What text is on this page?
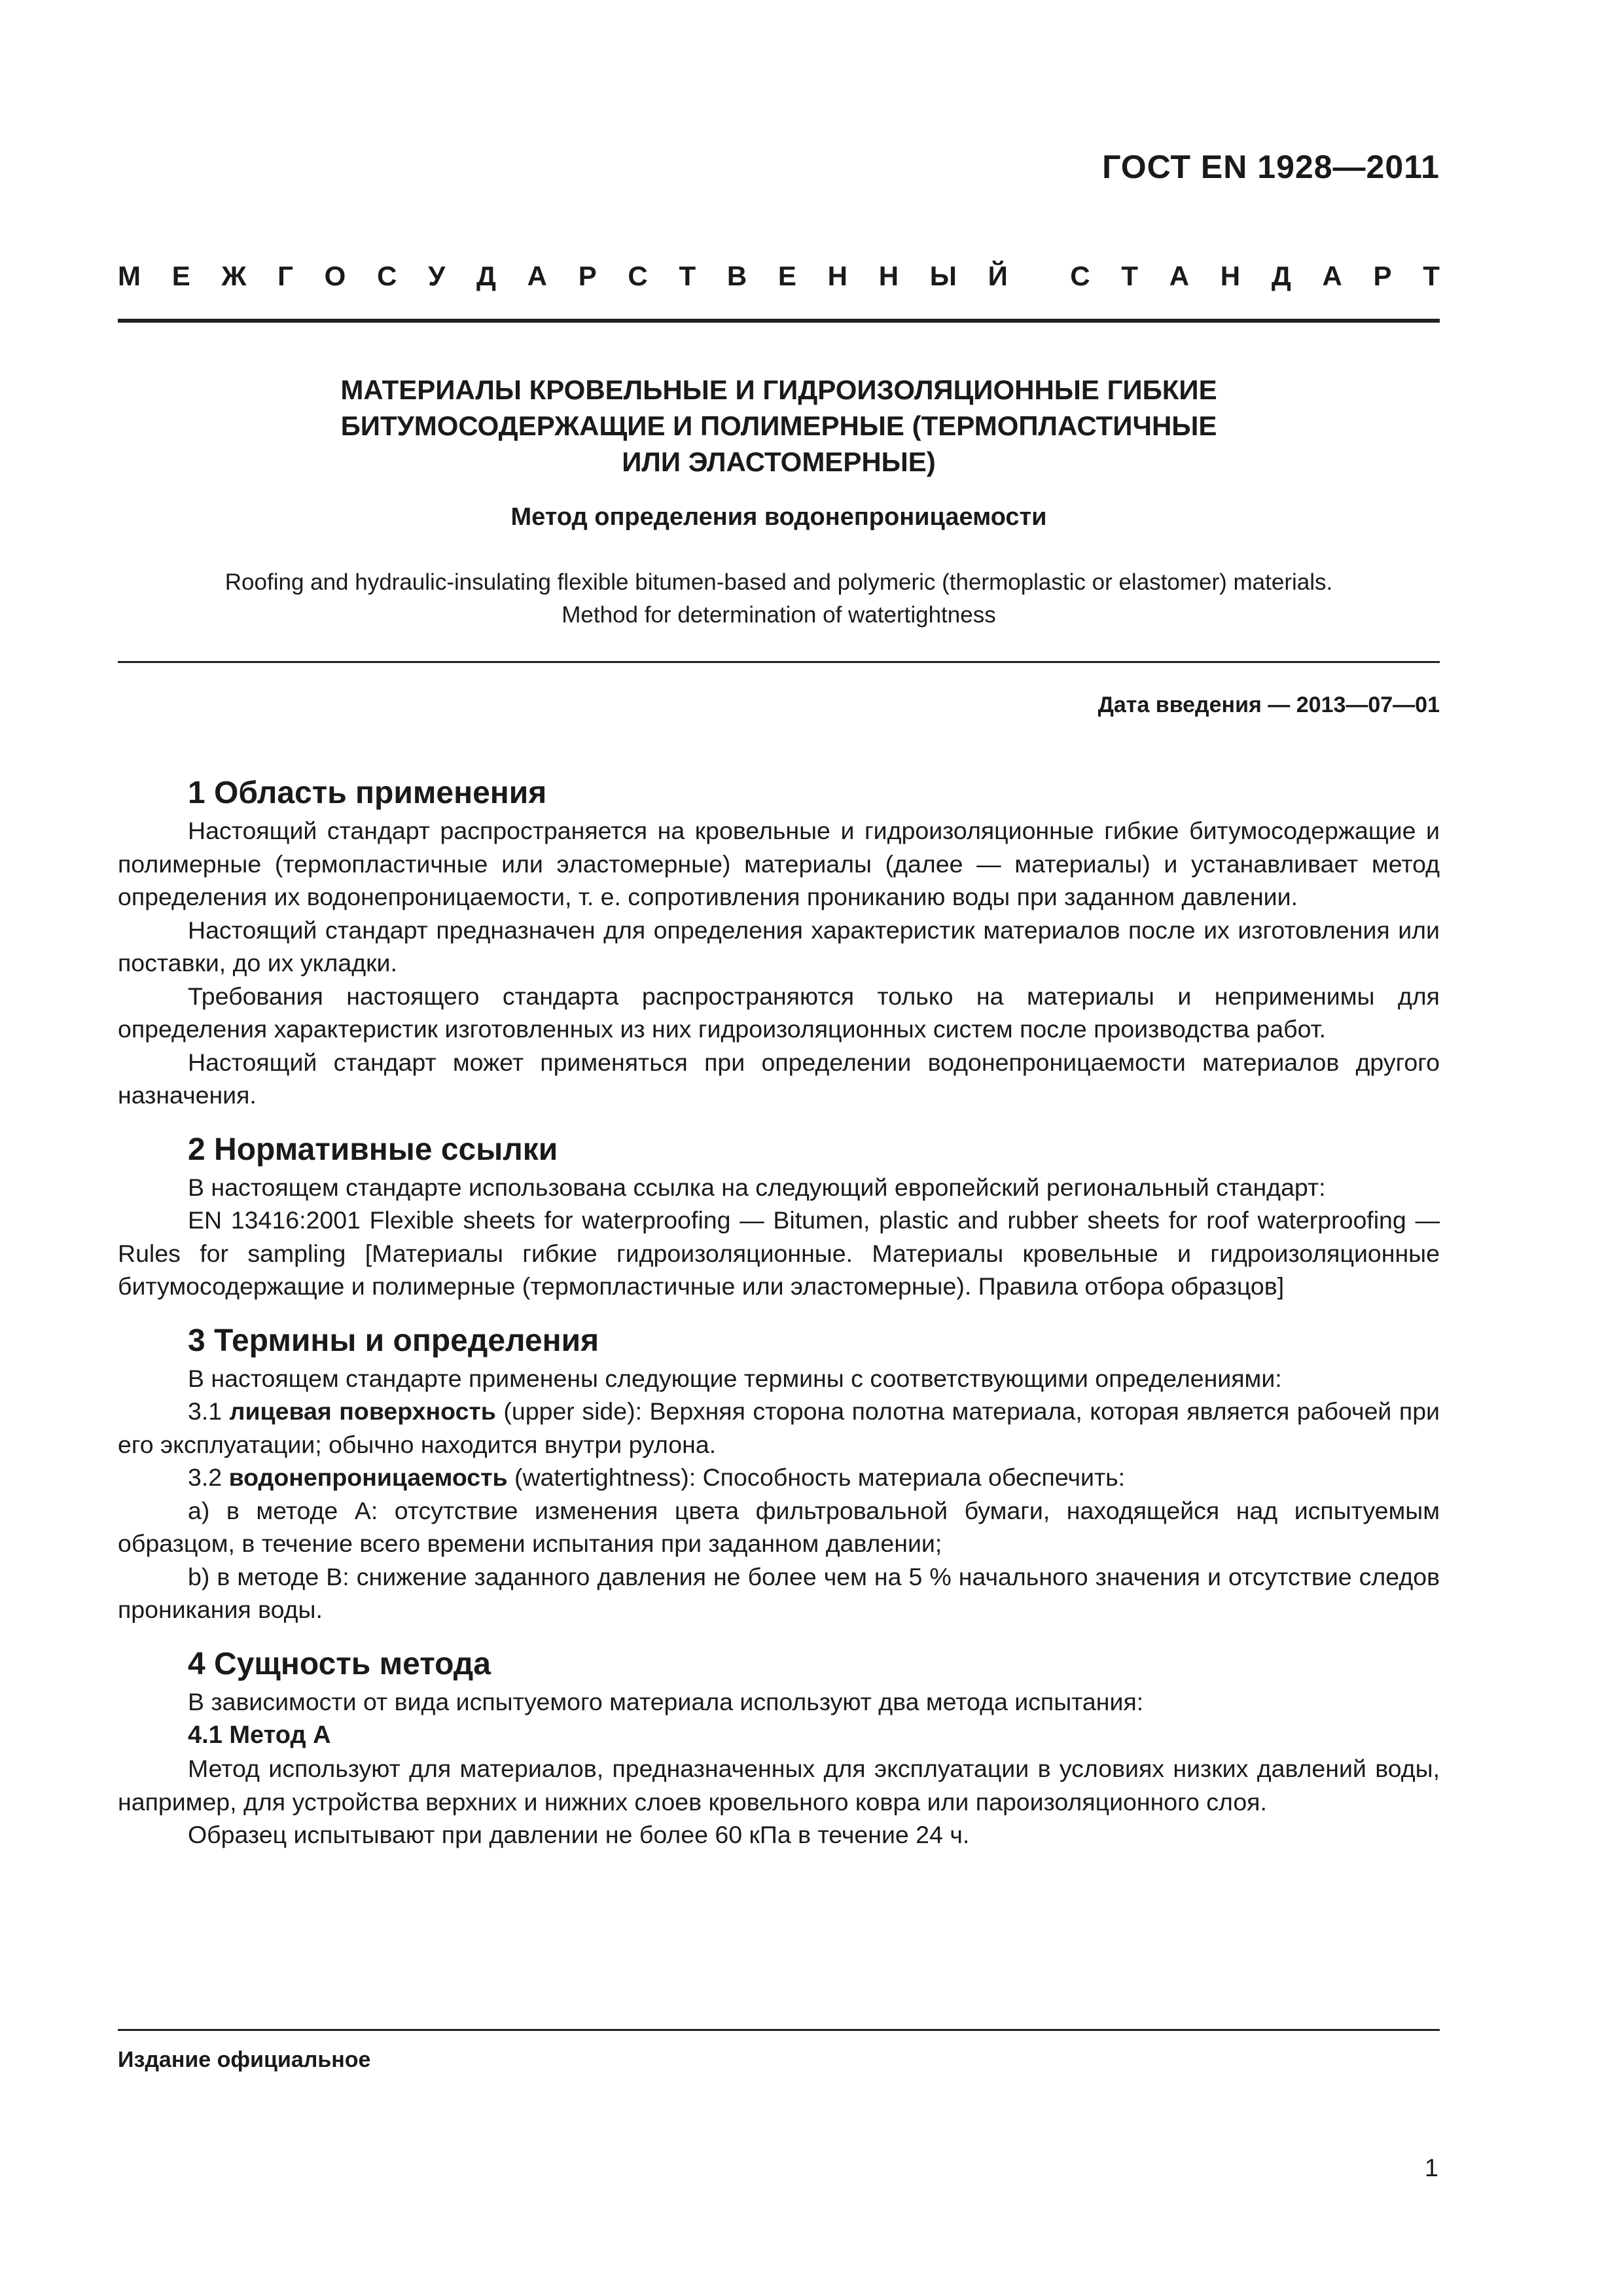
ГОСТ EN 1928—2011
М Е Ж Г О С У Д А Р С Т В Е Н Н Ы Й С Т А Н Д А Р Т
МАТЕРИАЛЫ КРОВЕЛЬНЫЕ И ГИДРОИЗОЛЯЦИОННЫЕ ГИБКИЕ
БИТУМОСОДЕРЖАЩИЕ И ПОЛИМЕРНЫЕ (ТЕРМОПЛАСТИЧНЫЕ
ИЛИ ЭЛАСТОМЕРНЫЕ)
Метод определения водонепроницаемости
Roofing and hydraulic-insulating flexible bitumen-based and polymeric (thermoplastic or elastomer) materials.
Method for determination of watertightness
Дата введения — 2013—07—01
1 Область применения

Настоящий стандарт распространяется на кровельные и гидроизоляционные гибкие битумосодержащие и полимерные (термопластичные или эластомерные) материалы (далее — материалы) и устанавливает метод определения их водонепроницаемости, т. е. сопротивления прониканию воды при заданном давлении.

Настоящий стандарт предназначен для определения характеристик материалов после их изготовления или поставки, до их укладки.

Требования настоящего стандарта распространяются только на материалы и неприменимы для определения характеристик изготовленных из них гидроизоляционных систем после производства работ.

Настоящий стандарт может применяться при определении водонепроницаемости материалов другого назначения.

2 Нормативные ссылки

В настоящем стандарте использована ссылка на следующий европейский региональный стандарт:

EN 13416:2001 Flexible sheets for waterproofing — Bitumen, plastic and rubber sheets for roof waterproofing — Rules for sampling [Материалы гибкие гидроизоляционные. Материалы кровельные и гидроизоляционные битумосодержащие и полимерные (термопластичные или эластомерные). Правила отбора образцов]

3 Термины и определения

В настоящем стандарте применены следующие термины с соответствующими определениями:

3.1 лицевая поверхность (upper side): Верхняя сторона полотна материала, которая является рабочей при его эксплуатации; обычно находится внутри рулона.

3.2 водонепроницаемость (watertightness): Способность материала обеспечить:

a) в методе A: отсутствие изменения цвета фильтровальной бумаги, находящейся над испытуемым образцом, в течение всего времени испытания при заданном давлении;

b) в методе B: снижение заданного давления не более чем на 5 % начального значения и отсутствие следов проникания воды.

4 Сущность метода

В зависимости от вида испытуемого материала используют два метода испытания:

4.1 Метод А

Метод используют для материалов, предназначенных для эксплуатации в условиях низких давлений воды, например, для устройства верхних и нижних слоев кровельного ковра или пароизоляционного слоя.

Образец испытывают при давлении не более 60 кПа в течение 24 ч.

Издание официальное
1
